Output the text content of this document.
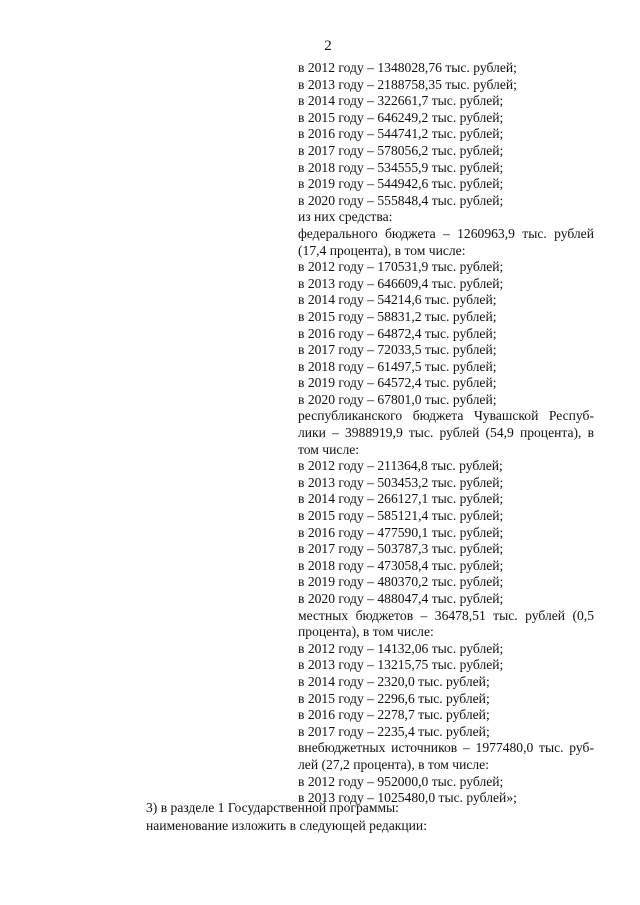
2
в 2012 году – 1348028,76 тыс. рублей;
в 2013 году – 2188758,35 тыс. рублей;
в 2014 году – 322661,7 тыс. рублей;
в 2015 году – 646249,2 тыс. рублей;
в 2016 году – 544741,2 тыс. рублей;
в 2017 году – 578056,2 тыс. рублей;
в 2018 году – 534555,9 тыс. рублей;
в 2019 году – 544942,6 тыс. рублей;
в 2020 году – 555848,4 тыс. рублей;
из них средства:
федерального бюджета – 1260963,9 тыс. рублей (17,4 процента), в том числе:
в 2012 году – 170531,9 тыс. рублей;
в 2013 году – 646609,4 тыс. рублей;
в 2014 году – 54214,6 тыс. рублей;
в 2015 году – 58831,2 тыс. рублей;
в 2016 году – 64872,4 тыс. рублей;
в 2017 году – 72033,5 тыс. рублей;
в 2018 году – 61497,5 тыс. рублей;
в 2019 году – 64572,4 тыс. рублей;
в 2020 году – 67801,0 тыс. рублей;
республиканского бюджета Чувашской Республики – 3988919,9 тыс. рублей (54,9 процента), в том числе:
в 2012 году – 211364,8 тыс. рублей;
в 2013 году – 503453,2 тыс. рублей;
в 2014 году – 266127,1 тыс. рублей;
в 2015 году – 585121,4 тыс. рублей;
в 2016 году – 477590,1 тыс. рублей;
в 2017 году – 503787,3 тыс. рублей;
в 2018 году – 473058,4 тыс. рублей;
в 2019 году – 480370,2 тыс. рублей;
в 2020 году – 488047,4 тыс. рублей;
местных бюджетов – 36478,51 тыс. рублей (0,5 процента), в том числе:
в 2012 году – 14132,06 тыс. рублей;
в 2013 году – 13215,75 тыс. рублей;
в 2014 году – 2320,0 тыс. рублей;
в 2015 году – 2296,6 тыс. рублей;
в 2016 году – 2278,7 тыс. рублей;
в 2017 году – 2235,4 тыс. рублей;
внебюджетных источников – 1977480,0 тыс. рублей (27,2 процента), в том числе:
в 2012 году – 952000,0 тыс. рублей;
в 2013 году – 1025480,0 тыс. рублей»;
3) в разделе 1 Государственной программы:
наименование изложить в следующей редакции:
